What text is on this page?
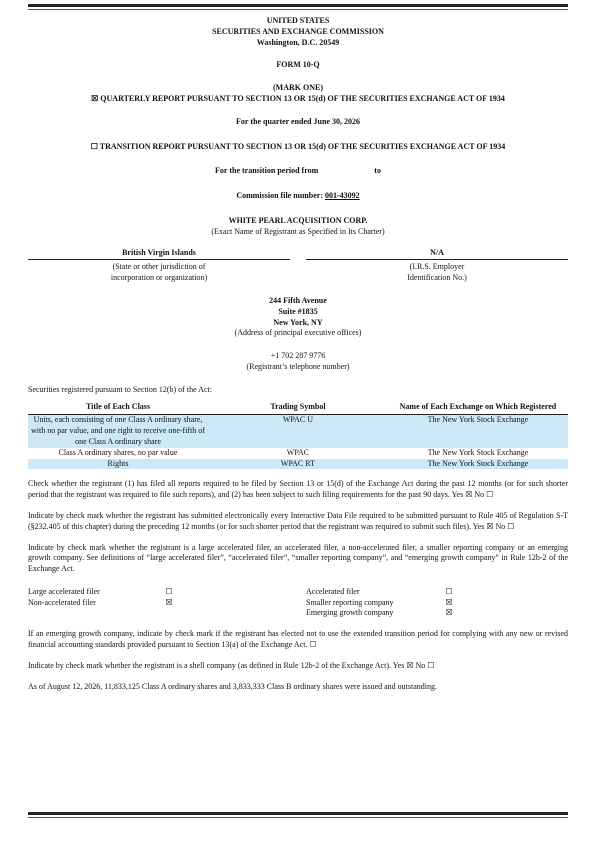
UNITED STATES
SECURITIES AND EXCHANGE COMMISSION
Washington, D.C. 20549
FORM 10-Q
(MARK ONE)
☒ QUARTERLY REPORT PURSUANT TO SECTION 13 OR 15(d) OF THE SECURITIES EXCHANGE ACT OF 1934
For the quarter ended June 30, 2026
☐ TRANSITION REPORT PURSUANT TO SECTION 13 OR 15(d) OF THE SECURITIES EXCHANGE ACT OF 1934
For the transition period from	to
Commission file number: 001-43092
WHITE PEARL ACQUISITION CORP.
(Exact Name of Registrant as Specified in Its Charter)
British Virgin Islands
(State or other jurisdiction of
incorporation or organization)
N/A
(I.R.S. Employer
Identification No.)
244 Fifth Avenue
Suite #1835
New York, NY
(Address of principal executive offices)
+1 702 287 9776
(Registrant’s telephone number)
Securities registered pursuant to Section 12(b) of the Act:
Title of Each Class	Trading Symbol	Name of Each Exchange on Which Registered
Units, each consisting of one Class A ordinary share, with no par value, and one right to receive one-fifth of one Class A ordinary share	WPAC U	The New York Stock Exchange
Class A ordinary shares, no par value	WPAC	The New York Stock Exchange
Rights	WPAC RT	The New York Stock Exchange
Check whether the registrant (1) has filed all reports required to be filed by Section 13 or 15(d) of the Exchange Act during the past 12 months (or for such shorter period that the registrant was required to file such reports), and (2) has been subject to such filing requirements for the past 90 days. Yes ☒ No ☐
Indicate by check mark whether the registrant has submitted electronically every Interactive Data File required to be submitted pursuant to Rule 405 of Regulation S-T (§232.405 of this chapter) during the preceding 12 months (or for such shorter period that the registrant was required to submit such files). Yes ☒ No ☐
Indicate by check mark whether the registrant is a large accelerated filer, an accelerated filer, a non-accelerated filer, a smaller reporting company or an emerging growth company. See definitions of “large accelerated filer”, “accelerated filer”, “smaller reporting company”, and “emerging growth company” in Rule 12b-2 of the Exchange Act.
Large accelerated filer	☐
Non-accelerated filer	☒
Accelerated filer	☐
Smaller reporting company	☒
Emerging growth company	☒
If an emerging growth company, indicate by check mark if the registrant has elected not to use the extended transition period for complying with any new or revised financial accounting standards provided pursuant to Section 13(a) of the Exchange Act. ☐
Indicate by check mark whether the registrant is a shell company (as defined in Rule 12b-2 of the Exchange Act). Yes ☒ No ☐
As of August 12, 2026, 11,833,125 Class A ordinary shares and 3,833,333 Class B ordinary shares were issued and outstanding.
